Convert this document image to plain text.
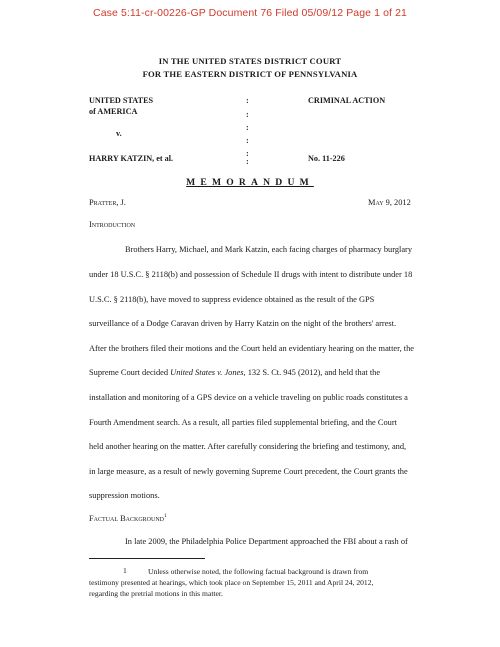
Case 5:11-cr-00226-GP Document 76 Filed 05/09/12 Page 1 of 21
IN THE UNITED STATES DISTRICT COURT
FOR THE EASTERN DISTRICT OF PENNSYLVANIA
UNITED STATES
of AMERICA
v.
HARRY KATZIN, et al.
:
:
:
:
:
:
CRIMINAL ACTION
No. 11-226
MEMORANDUM
Pratter, J.	May 9, 2012
Introduction
Brothers Harry, Michael, and Mark Katzin, each facing charges of pharmacy burglary
under 18 U.S.C. § 2118(b) and possession of Schedule II drugs with intent to distribute under 18
U.S.C. § 2118(b), have moved to suppress evidence obtained as the result of the GPS
surveillance of a Dodge Caravan driven by Harry Katzin on the night of the brothers' arrest.
After the brothers filed their motions and the Court held an evidentiary hearing on the matter, the
Supreme Court decided United States v. Jones, 132 S. Ct. 945 (2012), and held that the
installation and monitoring of a GPS device on a vehicle traveling on public roads constitutes a
Fourth Amendment search. As a result, all parties filed supplemental briefing, and the Court
held another hearing on the matter. After carefully considering the briefing and testimony, and,
in large measure, as a result of newly governing Supreme Court precedent, the Court grants the
suppression motions.
Factual Background$^1$
In late 2009, the Philadelphia Police Department approached the FBI about a rash of
1	Unless otherwise noted, the following factual background is drawn from
testimony presented at hearings, which took place on September 15, 2011 and April 24, 2012,
regarding the pretrial motions in this matter.
